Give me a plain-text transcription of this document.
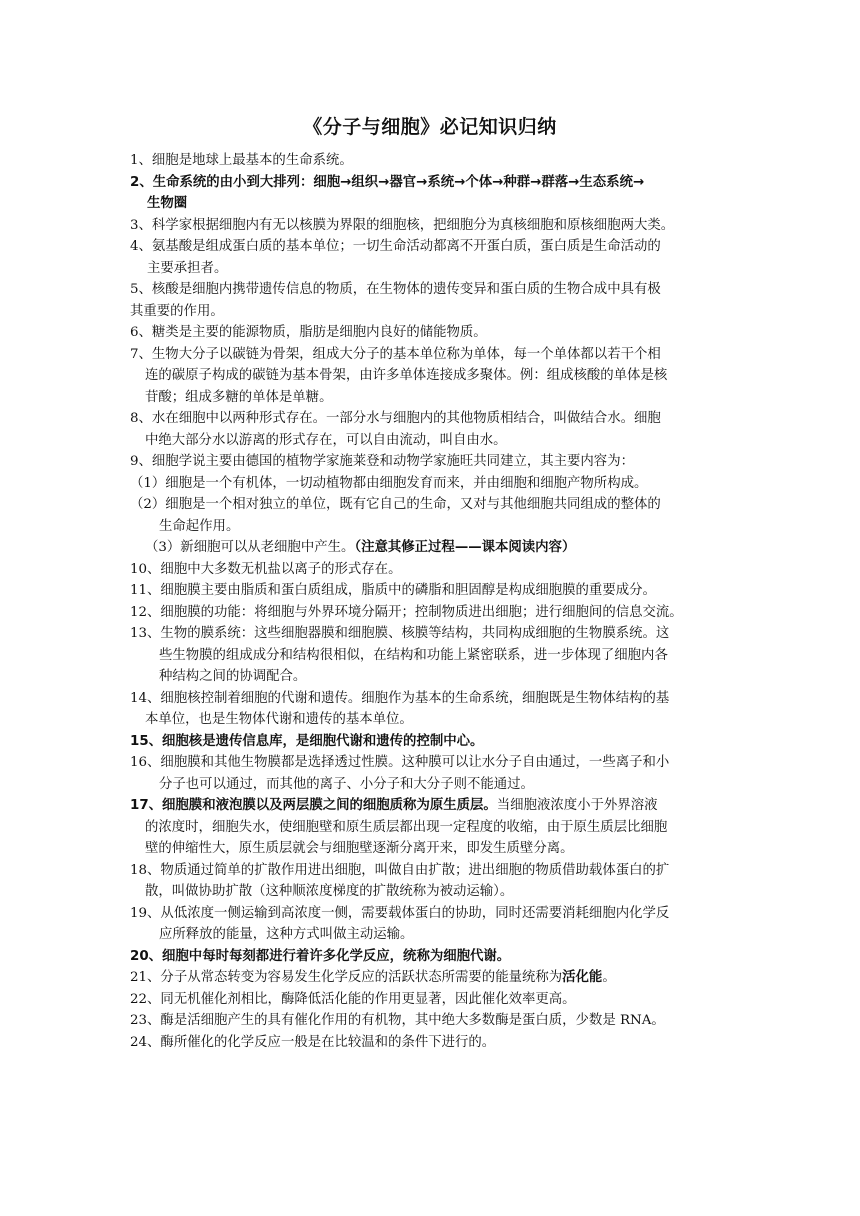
《分子与细胞》必记知识归纳
1、细胞是地球上最基本的生命系统。
2、生命系统的由小到大排列：细胞→组织→器官→系统→个体→种群→群落→生态系统→
生物圈
3、科学家根据细胞内有无以核膜为界限的细胞核，把细胞分为真核细胞和原核细胞两大类。
4、氨基酸是组成蛋白质的基本单位；一切生命活动都离不开蛋白质，蛋白质是生命活动的
主要承担者。
5、核酸是细胞内携带遗传信息的物质，在生物体的遗传变异和蛋白质的生物合成中具有极
其重要的作用。
6、糖类是主要的能源物质，脂肪是细胞内良好的储能物质。
7、生物大分子以碳链为骨架，组成大分子的基本单位称为单体，每一个单体都以若干个相
连的碳原子构成的碳链为基本骨架，由许多单体连接成多聚体。例：组成核酸的单体是核
苷酸；组成多糖的单体是单糖。
8、水在细胞中以两种形式存在。一部分水与细胞内的其他物质相结合，叫做结合水。细胞
中绝大部分水以游离的形式存在，可以自由流动，叫自由水。
9、细胞学说主要由德国的植物学家施莱登和动物学家施旺共同建立，其主要内容为：
（1）细胞是一个有机体，一切动植物都由细胞发育而来，并由细胞和细胞产物所构成。
（2）细胞是一个相对独立的单位，既有它自己的生命，又对与其他细胞共同组成的整体的
生命起作用。
（3）新细胞可以从老细胞中产生。（注意其修正过程——课本阅读内容）
10、细胞中大多数无机盐以离子的形式存在。
11、细胞膜主要由脂质和蛋白质组成，脂质中的磷脂和胆固醇是构成细胞膜的重要成分。
12、细胞膜的功能：将细胞与外界环境分隔开；控制物质进出细胞；进行细胞间的信息交流。
13、生物的膜系统：这些细胞器膜和细胞膜、核膜等结构，共同构成细胞的生物膜系统。这
些生物膜的组成成分和结构很相似，在结构和功能上紧密联系，进一步体现了细胞内各
种结构之间的协调配合。
14、细胞核控制着细胞的代谢和遗传。细胞作为基本的生命系统，细胞既是生物体结构的基
本单位，也是生物体代谢和遗传的基本单位。
15、细胞核是遗传信息库，是细胞代谢和遗传的控制中心。
16、细胞膜和其他生物膜都是选择透过性膜。这种膜可以让水分子自由通过，一些离子和小
分子也可以通过，而其他的离子、小分子和大分子则不能通过。
17、细胞膜和液泡膜以及两层膜之间的细胞质称为原生质层。当细胞液浓度小于外界溶液
的浓度时，细胞失水，使细胞壁和原生质层都出现一定程度的收缩，由于原生质层比细胞
壁的伸缩性大，原生质层就会与细胞壁逐渐分离开来，即发生质壁分离。
18、物质通过简单的扩散作用进出细胞，叫做自由扩散；进出细胞的物质借助载体蛋白的扩
散，叫做协助扩散（这种顺浓度梯度的扩散统称为被动运输）。
19、从低浓度一侧运输到高浓度一侧，需要载体蛋白的协助，同时还需要消耗细胞内化学反
应所释放的能量，这种方式叫做主动运输。
20、细胞中每时每刻都进行着许多化学反应，统称为细胞代谢。
21、分子从常态转变为容易发生化学反应的活跃状态所需要的能量统称为活化能。
22、同无机催化剂相比，酶降低活化能的作用更显著，因此催化效率更高。
23、酶是活细胞产生的具有催化作用的有机物，其中绝大多数酶是蛋白质，少数是 RNA。
24、酶所催化的化学反应一般是在比较温和的条件下进行的。
